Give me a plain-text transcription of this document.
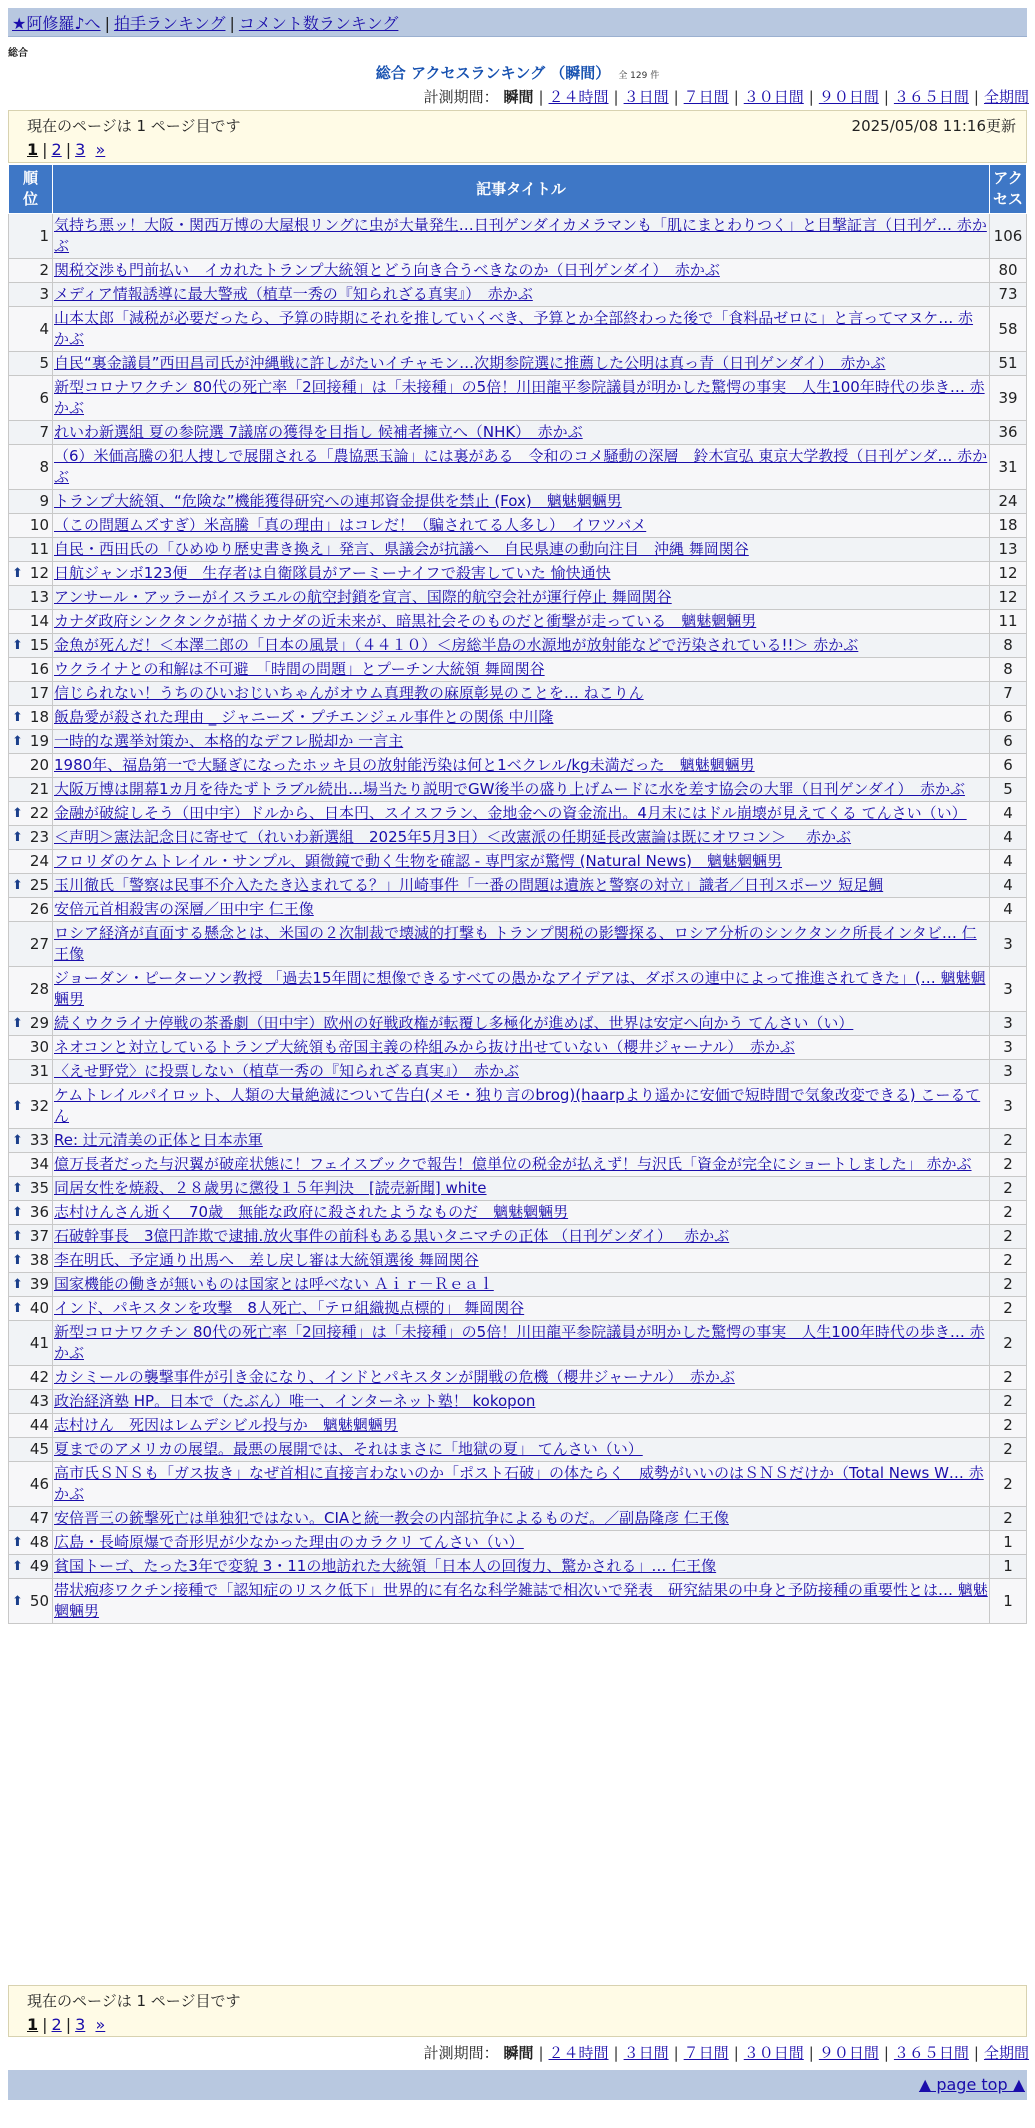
★阿修羅♪へ | 拍手ランキング | コメント数ランキング
総合
総合 アクセスランキング （瞬間） 全 129 件
計測期間： 瞬間 | ２４時間 | ３日間 | ７日間 | ３０日間 | ９０日間 | ３６５日間 | 全期間
現在のページは 1 ページ目です	2025/05/08 11:16更新
1 | 2 | 3 »
順位	記事タイトル	アクセス
1	気持ち悪ッ！大阪・関西万博の大屋根リングに虫が大量発生…日刊ゲンダイカメラマンも「肌にまとわりつく」と目撃証言（日刊ゲ… 赤かぶ	106
2	関税交渉も門前払い　イカれたトランプ大統領とどう向き合うべきなのか（日刊ゲンダイ）　赤かぶ	80
3	メディア情報誘導に最大警戒（植草一秀の『知られざる真実』）　赤かぶ	73
4	山本太郎「減税が必要だったら、予算の時期にそれを推していくべき、予算とか全部終わった後で「食料品ゼロに」と言ってマヌケ… 赤かぶ	58
5	自民“裏金議員”西田昌司氏が沖縄戦に許しがたいイチャモン…次期参院選に推薦した公明は真っ青（日刊ゲンダイ）　赤かぶ	51
6	新型コロナワクチン 80代の死亡率「2回接種」は「未接種」の5倍！川田龍平参院議員が明かした驚愕の事実　人生100年時代の歩き… 赤かぶ	39
7	れいわ新選組 夏の参院選 7議席の獲得を目指し 候補者擁立へ（NHK）　赤かぶ	36
8	（6）米価高騰の犯人捜しで展開される「農協悪玉論」には裏がある　令和のコメ騒動の深層　鈴木宣弘 東京大学教授（日刊ゲンダ… 赤かぶ	31
9	トランプ大統領、“危険な”機能獲得研究への連邦資金提供を禁止 (Fox)　魑魅魍魎男	24
10	（この問題ムズすぎ）米高騰「真の理由」はコレだ！（騙されてる人多し）　イワツバメ	18
11	自民・西田氏の「ひめゆり歴史書き換え」発言、県議会が抗議へ　自民県連の動向注目　沖縄 舞岡関谷	13

⬆ 12	日航ジャンボ123便　生存者は自衛隊員がアーミーナイフで殺害していた 愉快通快	12
13	アンサール・アッラーがイスラエルの航空封鎖を宣言、国際的航空会社が運行停止 舞岡関谷	12
14	カナダ政府シンクタンクが描くカナダの近未来が、暗黒社会そのものだと衝撃が走っている　魑魅魍魎男	11

⬆ 15	金魚が死んだ！＜本澤二郎の「日本の風景」（４４１０）＜房総半島の水源地が放射能などで汚染されている!!＞ 赤かぶ	8
16	ウクライナとの和解は不可避　「時間の問題」とプーチン大統領 舞岡関谷	8
17	信じられない！うちのひいおじいちゃんがオウム真理教の麻原彰晃のことを… ねこりん	7

⬆ 18	飯島愛が殺された理由 _ ジャニーズ・プチエンジェル事件との関係 中川隆	6

⬆ 19	一時的な選挙対策か、本格的なデフレ脱却か 一言主	6
20	1980年、福島第一で大騒ぎになったホッキ貝の放射能汚染は何と1ベクレル/kg未満だった　魑魅魍魎男	6
21	大阪万博は開幕1カ月を待たずトラブル続出…場当たり説明でGW後半の盛り上げムードに水を差す協会の大罪（日刊ゲンダイ）　赤かぶ	5

⬆ 22	金融が破綻しそう（田中宇）ドルから、日本円、スイスフラン、金地金への資金流出。4月末にはドル崩壊が見えてくる てんさい（い）	4

⬆ 23	＜声明＞憲法記念日に寄せて（れいわ新選組　2025年5月3日）＜改憲派の任期延長改憲論は既にオワコン＞　 赤かぶ	4
24	フロリダのケムトレイル・サンプル、顕微鏡で動く生物を確認 - 専門家が驚愕 (Natural News)　魑魅魍魎男	4

⬆ 25	玉川徹氏「警察は民事不介入たたき込まれてる？」川崎事件「一番の問題は遺族と警察の対立」識者／日刊スポーツ 短足鯛	4
26	安倍元首相殺害の深層／田中宇 仁王像	4
27	ロシア経済が直面する懸念とは、米国の２次制裁で壊滅的打撃も トランプ関税の影響探る、ロシア分析のシンクタンク所長インタビ… 仁王像	3
28	ジョーダン・ピーターソン教授 「過去15年間に想像できるすべての愚かなアイデアは、ダボスの連中によって推進されてきた」(… 魑魅魍魎男	3

⬆ 29	続くウクライナ停戦の茶番劇（田中宇）欧州の好戦政権が転覆し多極化が進めば、世界は安定へ向かう てんさい（い）	3
30	ネオコンと対立しているトランプ大統領も帝国主義の枠組みから抜け出せていない（櫻井ジャーナル）　赤かぶ	3
31	〈えせ野党〉に投票しない（植草一秀の『知られざる真実』）　赤かぶ	3

⬆ 32	ケムトレイルパイロット、人類の大量絶滅について告白(メモ・独り言のbrog)(haarpより遥かに安価で短時間で気象改変できる) こーるてん	3

⬆ 33	Re: 辻元清美の正体と日本赤軍	2
34	億万長者だった与沢翼が破産状態に！フェイスブックで報告！億単位の税金が払えず！与沢氏「資金が完全にショートしました」 赤かぶ	2

⬆ 35	同居女性を焼殺、２８歳男に懲役１５年判決　[読売新聞] white	2

⬆ 36	志村けんさん逝く　70歳　無能な政府に殺されたようなものだ　魑魅魍魎男	2

⬆ 37	石破幹事長　3億円詐欺で逮捕.放火事件の前科もある黒いタニマチの正体 （日刊ゲンダイ）　 赤かぶ	2

⬆ 38	李在明氏、予定通り出馬へ　差し戻し審は大統領選後 舞岡関谷	2

⬆ 39	国家機能の働きが無いものは国家とは呼べない Ａｉｒ－Ｒｅａｌ	2

⬆ 40	インド、パキスタンを攻撃　8人死亡、「テロ組織拠点標的」 舞岡関谷	2
41	新型コロナワクチン 80代の死亡率「2回接種」は「未接種」の5倍！川田龍平参院議員が明かした驚愕の事実　人生100年時代の歩き… 赤かぶ	2
42	カシミールの襲撃事件が引き金になり、インドとパキスタンが開戦の危機（櫻井ジャーナル）　赤かぶ	2
43	政治経済塾 HP。日本で（たぶん）唯一、インターネット塾！ kokopon	2
44	志村けん　死因はレムデシビル投与か　魑魅魍魎男	2
45	夏までのアメリカの展望。最悪の展開では、それはまさに「地獄の夏」 てんさい（い）	2
46	高市氏ＳＮＳも「ガス抜き」なぜ首相に直接言わないのか「ポスト石破」の体たらく　威勢がいいのはＳＮＳだけか（Total News W… 赤かぶ	2
47	安倍晋三の銃撃死亡は単独犯ではない。CIAと統一教会の内部抗争によるものだ。／副島隆彦 仁王像	2

⬆ 48	広島・長崎原爆で奇形児が少なかった理由のカラクリ てんさい（い）	1

⬆ 49	貧国トーゴ、たった3年で変貌 3・11の地訪れた大統領「日本人の回復力、驚かされる」… 仁王像	1

⬆ 50	帯状疱疹ワクチン接種で「認知症のリスク低下」世界的に有名な科学雑誌で相次いで発表　研究結果の中身と予防接種の重要性とは… 魑魅魍魎男	1
現在のページは 1 ページ目です
1 | 2 | 3 »
計測期間： 瞬間 | ２４時間 | ３日間 | ７日間 | ３０日間 | ９０日間 | ３６５日間 | 全期間
▲ page top ▲
